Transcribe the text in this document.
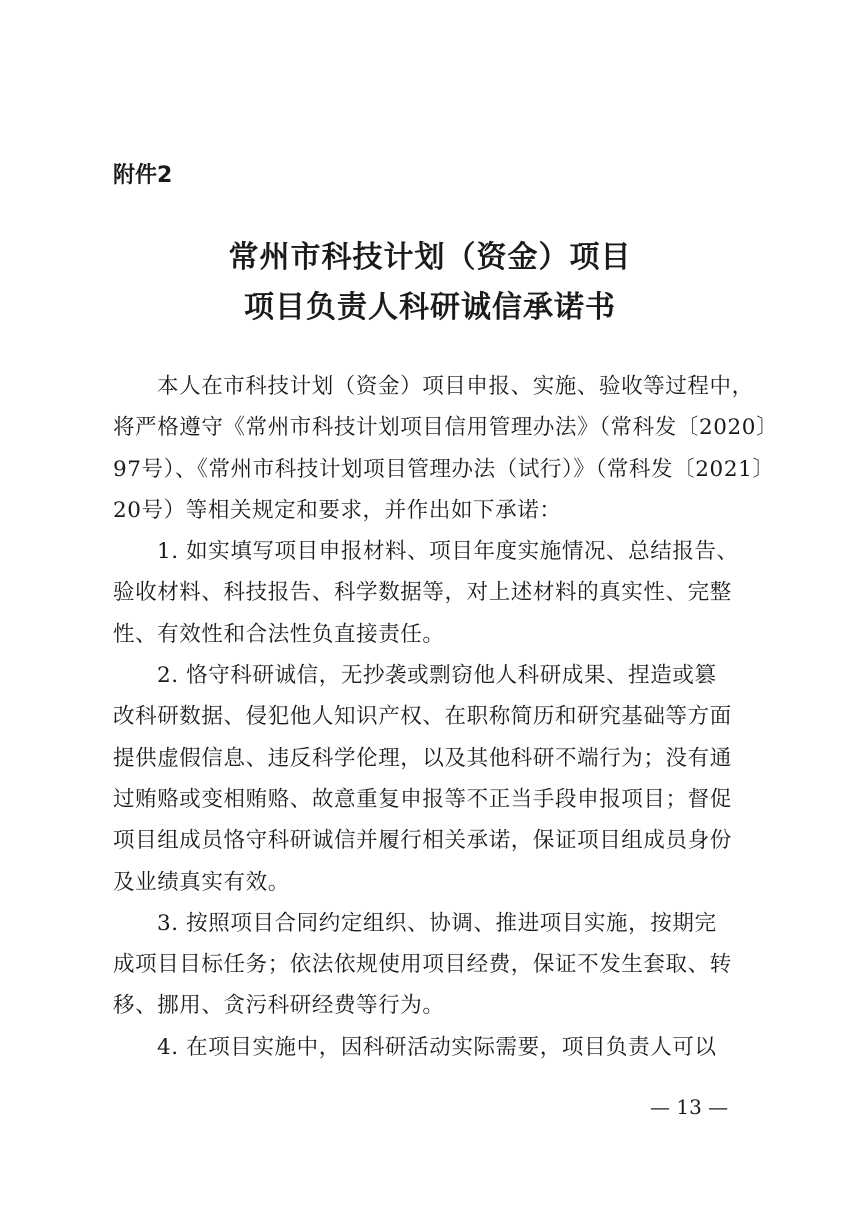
附件2
常州市科技计划（资金）项目
项目负责人科研诚信承诺书
本人在市科技计划（资金）项目申报、实施、验收等过程中，
将严格遵守《常州市科技计划项目信用管理办法》（常科发〔2020〕
97号）、《常州市科技计划项目管理办法（试行）》（常科发〔2021〕
20号）等相关规定和要求，并作出如下承诺：
1. 如实填写项目申报材料、项目年度实施情况、总结报告、
验收材料、科技报告、科学数据等，对上述材料的真实性、完整
性、有效性和合法性负直接责任。
2. 恪守科研诚信，无抄袭或剽窃他人科研成果、捏造或篡
改科研数据、侵犯他人知识产权、在职称简历和研究基础等方面
提供虚假信息、违反科学伦理，以及其他科研不端行为；没有通
过贿赂或变相贿赂、故意重复申报等不正当手段申报项目；督促
项目组成员恪守科研诚信并履行相关承诺，保证项目组成员身份
及业绩真实有效。
3. 按照项目合同约定组织、协调、推进项目实施，按期完
成项目目标任务；依法依规使用项目经费，保证不发生套取、转
移、挪用、贪污科研经费等行为。
4. 在项目实施中，因科研活动实际需要，项目负责人可以
— 13 —
